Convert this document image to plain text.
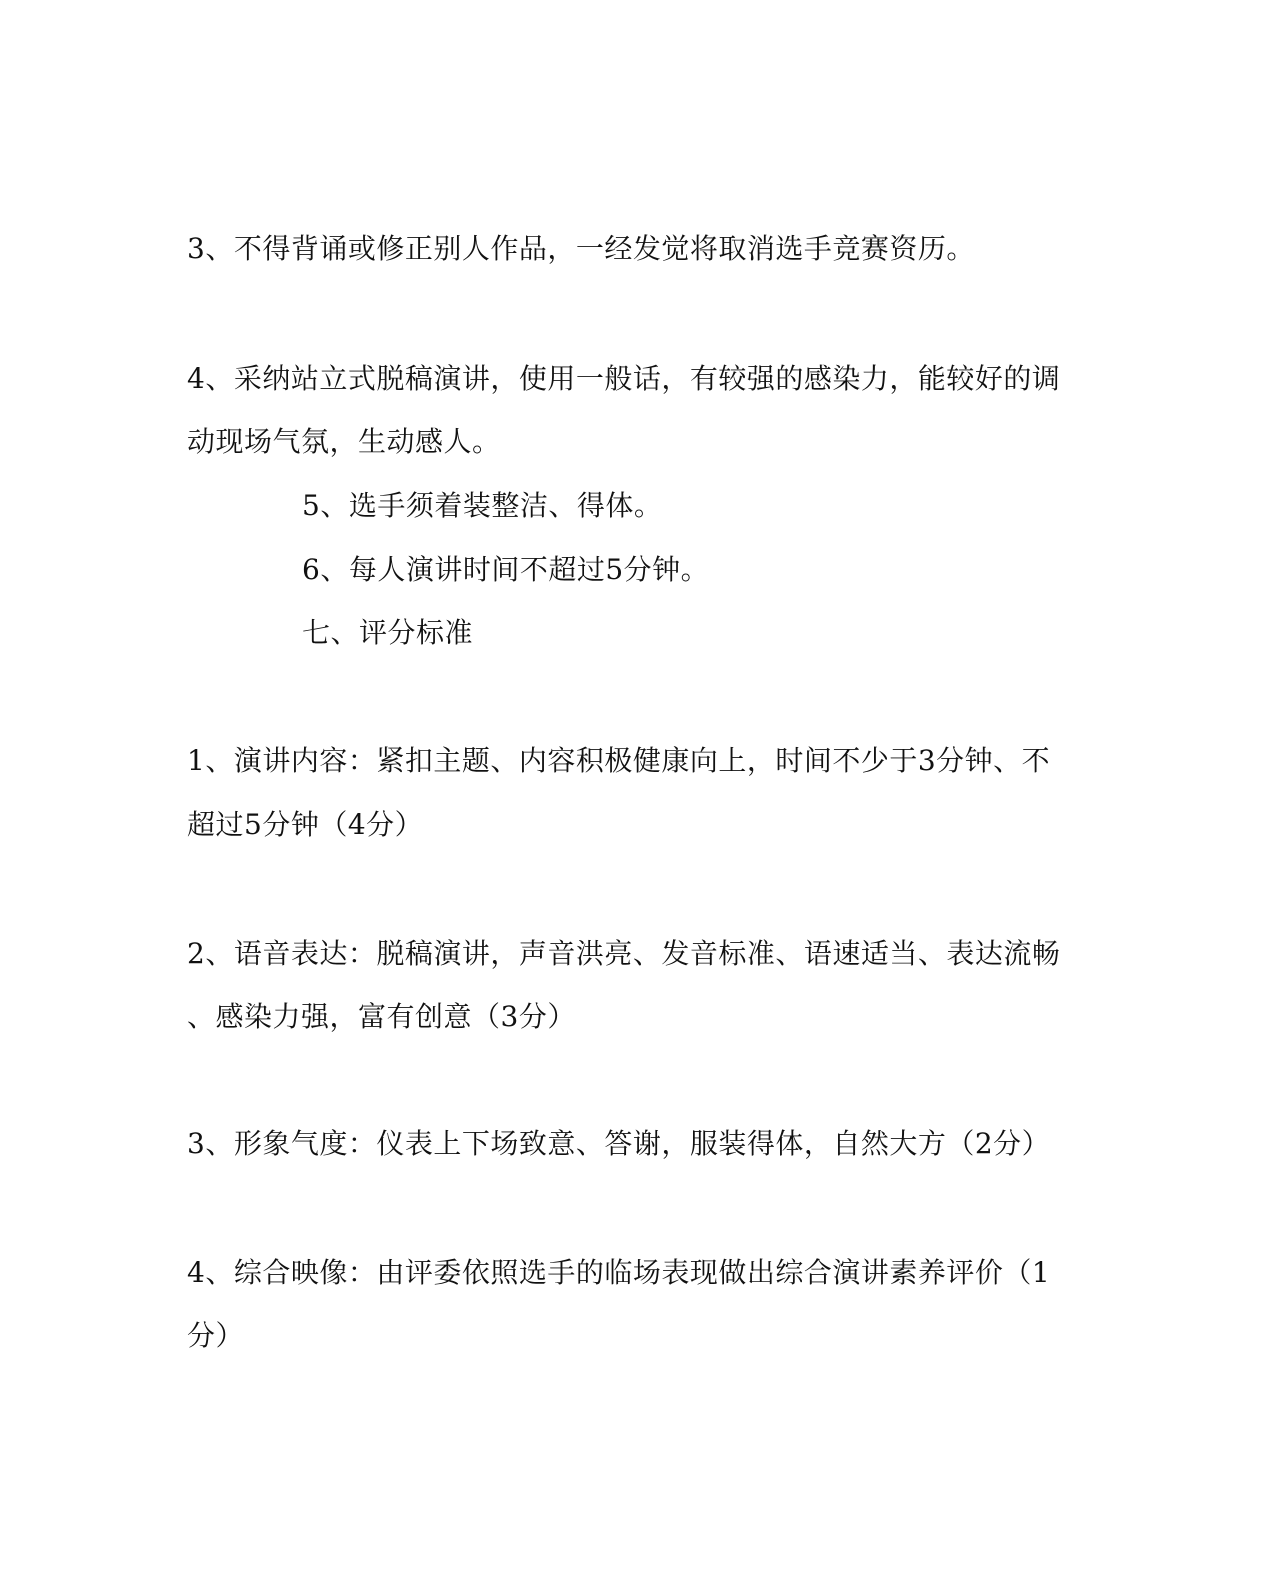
3、不得背诵或修正别人作品，一经发觉将取消选手竞赛资历。
4、采纳站立式脱稿演讲，使用一般话，有较强的感染力，能较好的调
动现场气氛，生动感人。
5、选手须着装整洁、得体。
6、每人演讲时间不超过5分钟。
七、评分标准
1、演讲内容：紧扣主题、内容积极健康向上，时间不少于3分钟、不
超过5分钟（4分）
2、语音表达：脱稿演讲，声音洪亮、发音标准、语速适当、表达流畅
、感染力强，富有创意（3分）
3、形象气度：仪表上下场致意、答谢，服装得体，自然大方（2分）
4、综合映像：由评委依照选手的临场表现做出综合演讲素养评价（1
分）
